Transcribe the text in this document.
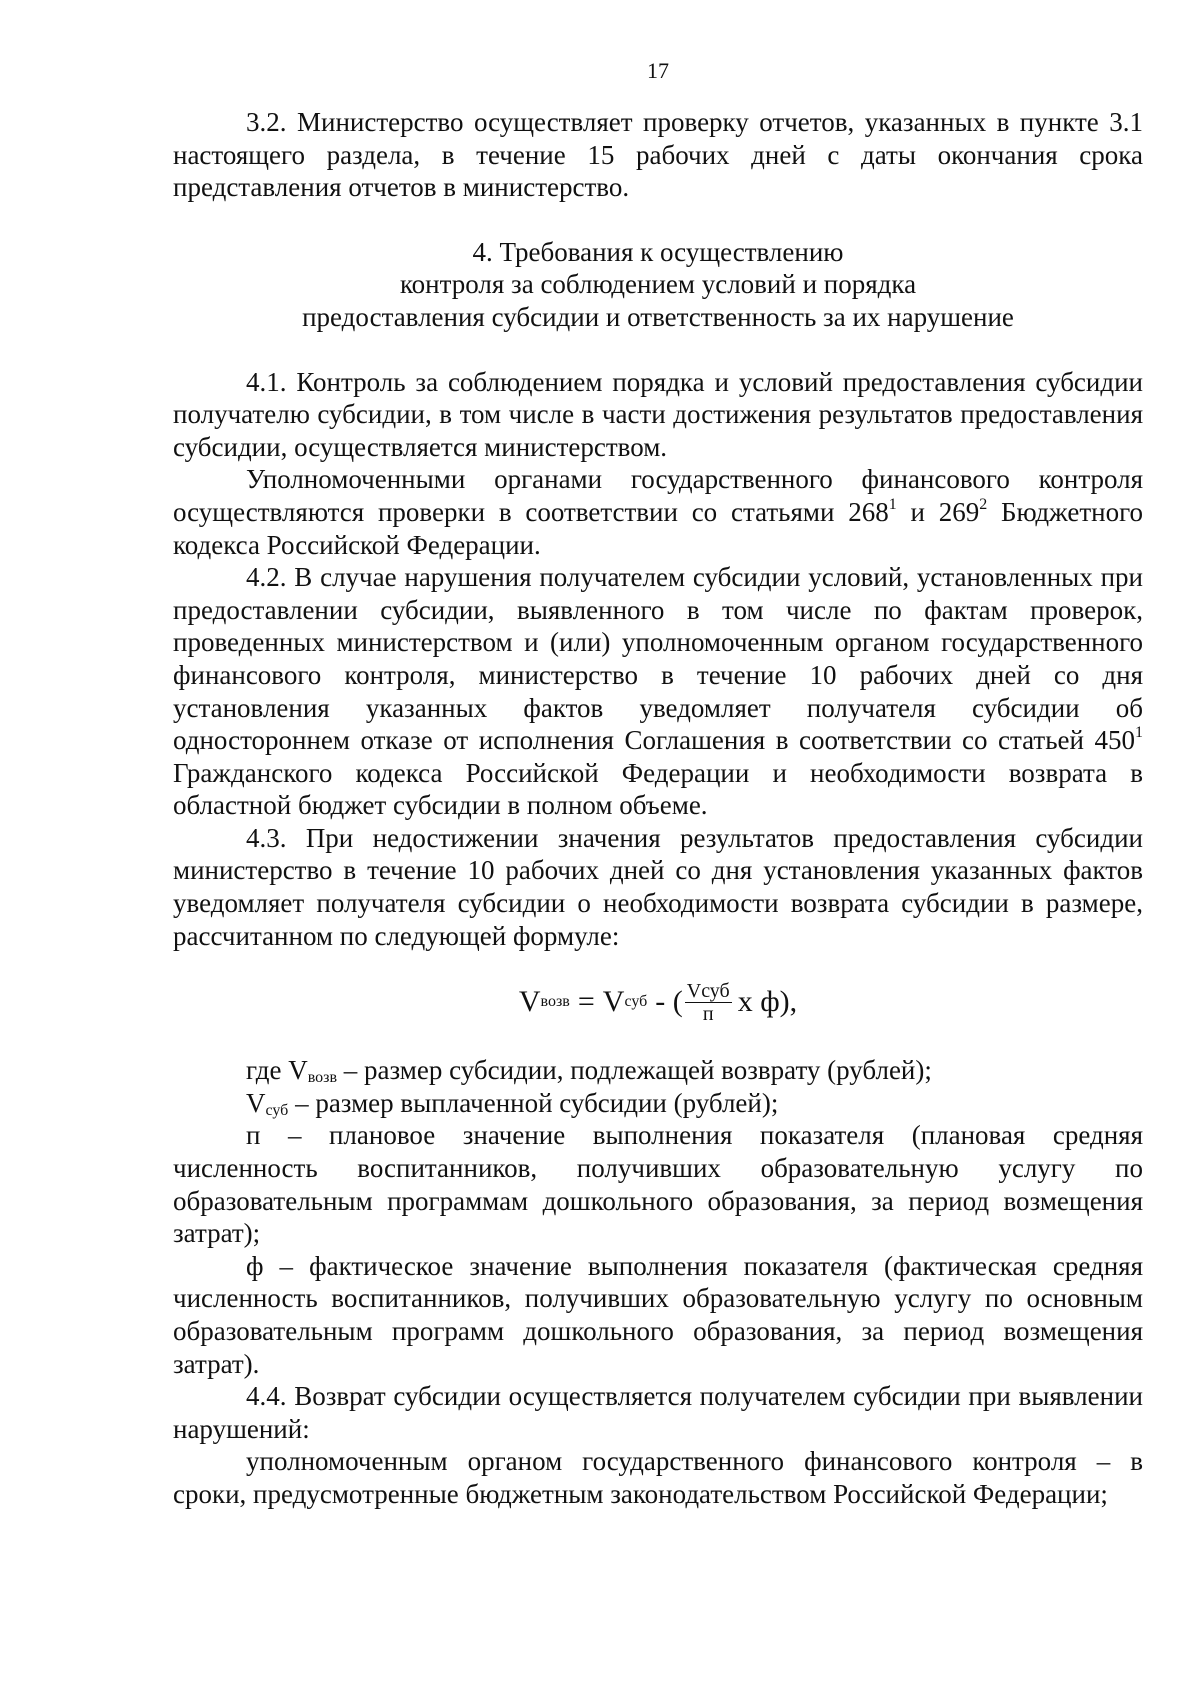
17

3.2. Министерство осуществляет проверку отчетов, указанных в пункте 3.1 настоящего раздела, в течение 15 рабочих дней с даты окончания срока представления отчетов в министерство.

4. Требования к осуществлению
контроля за соблюдением условий и порядка
предоставления субсидии и ответственность за их нарушение

4.1. Контроль за соблюдением порядка и условий предоставления субсидии получателю субсидии, в том числе в части достижения результатов предоставления субсидии, осуществляется министерством.

Уполномоченными органами государственного финансового контроля осуществляются проверки в соответствии со статьями $268^1$ и $269^2$ Бюджетного кодекса Российской Федерации.

4.2. В случае нарушения получателем субсидии условий, установленных при предоставлении субсидии, выявленного в том числе по фактам проверок, проведенных министерством и (или) уполномоченным органом государственного финансового контроля, министерство в течение 10 рабочих дней со дня установления указанных фактов уведомляет получателя субсидии об одностороннем отказе от исполнения Соглашения в соответствии со статьей $450^1$ Гражданского кодекса Российской Федерации и необходимости возврата в областной бюджет субсидии в полном объеме.

4.3. При недостижении значения результатов предоставления субсидии министерство в течение 10 рабочих дней со дня установления указанных фактов уведомляет получателя субсидии о необходимости возврата субсидии в размере, рассчитанном по следующей формуле:

V возв = V суб - ( $\frac{\text{Vсуб}}{п}$ х ф),

где $V_{возв}$ – размер субсидии, подлежащей возврату (рублей);

$V_{суб}$ – размер выплаченной субсидии (рублей);

п – плановое значение выполнения показателя (плановая средняя численность воспитанников, получивших образовательную услугу по образовательным программам дошкольного образования, за период возмещения затрат);

ф – фактическое значение выполнения показателя (фактическая средняя численность воспитанников, получивших образовательную услугу по основным образовательным программ дошкольного образования, за период возмещения затрат).

4.4. Возврат субсидии осуществляется получателем субсидии при выявлении нарушений:

уполномоченным органом государственного финансового контроля – в сроки, предусмотренные бюджетным законодательством Российской Федерации;
